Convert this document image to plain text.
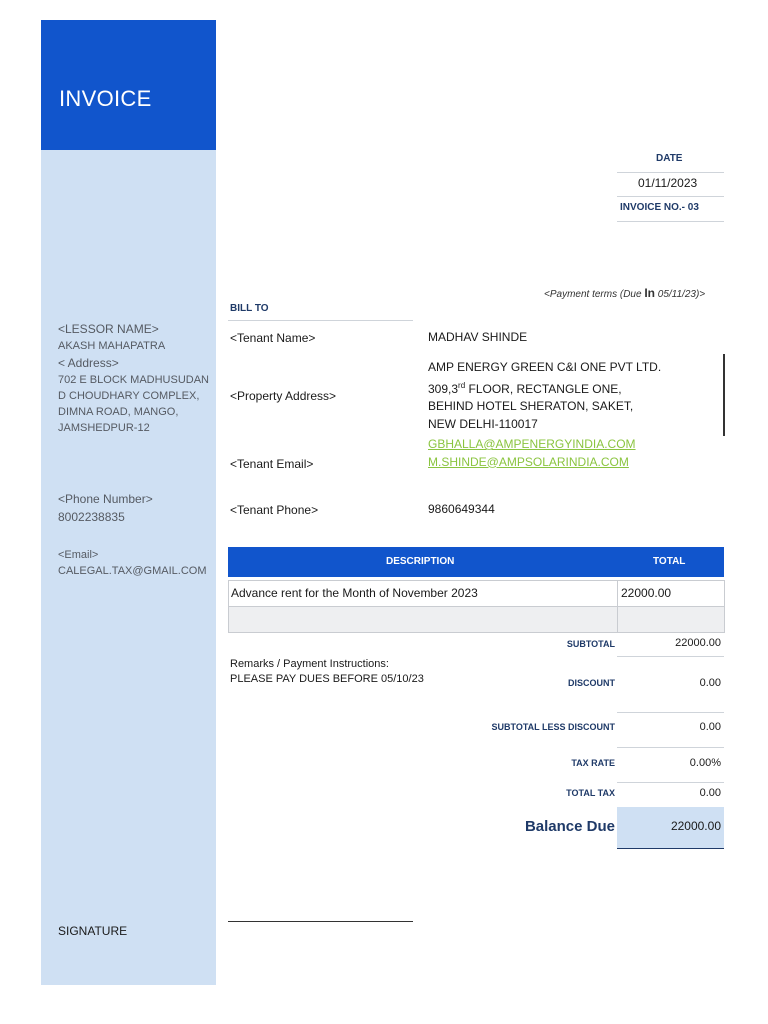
INVOICE
<LESSOR NAME>
AKASH MAHAPATRA
< Address>
702 E BLOCK MADHUSUDAN
D CHOUDHARY COMPLEX,
DIMNA ROAD, MANGO,
JAMSHEDPUR-12
<Phone Number>
8002238835
<Email>
CALEGAL.TAX@GMAIL.COM
SIGNATURE
DATE
01/11/2023
INVOICE NO.- 03
<Payment terms (Due In 05/11/23)>
BILL TO
<Tenant Name>	MADHAV SHINDE
<Property Address>
AMP ENERGY GREEN C&I ONE PVT LTD.
309,3rd FLOOR, RECTANGLE ONE,
BEHIND HOTEL SHERATON, SAKET,
NEW DELHI-110017
<Tenant Email>
GBHALLA@AMPENERGYINDIA.COM
M.SHINDE@AMPSOLARINDIA.COM
<Tenant Phone>	9860649344
DESCRIPTION	TOTAL
Advance rent for the Month of November 2023	22000.00
Remarks / Payment Instructions:
PLEASE PAY DUES BEFORE 05/10/23
SUBTOTAL	22000.00
DISCOUNT	0.00
SUBTOTAL LESS DISCOUNT	0.00
TAX RATE	0.00%
TOTAL TAX	0.00
Balance Due	22000.00
